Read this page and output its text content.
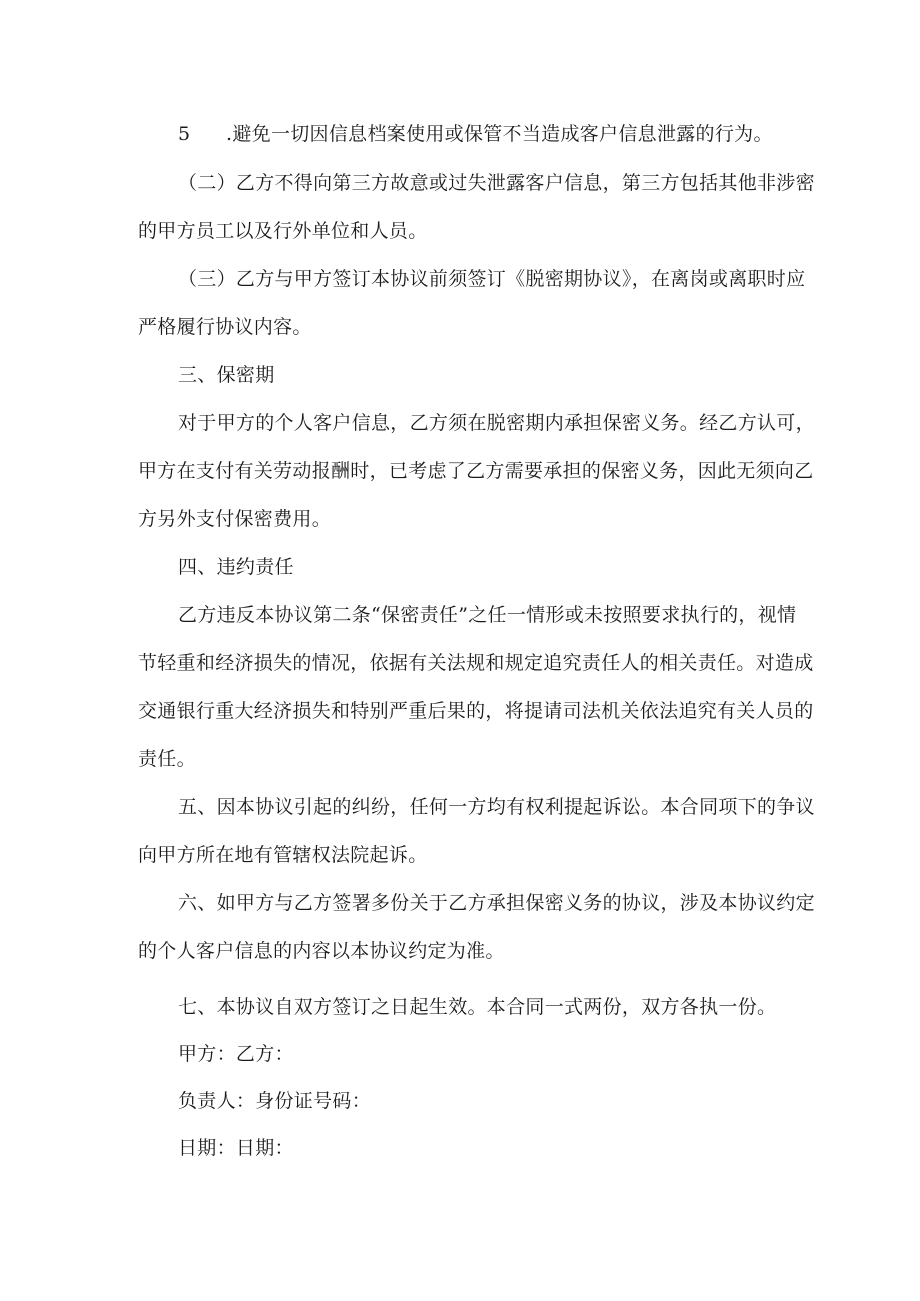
5 .避免一切因信息档案使用或保管不当造成客户信息泄露的行为。
（二）乙方不得向第三方故意或过失泄露客户信息，第三方包括其他非涉密
的甲方员工以及行外单位和人员。
（三）乙方与甲方签订本协议前须签订《脱密期协议》，在离岗或离职时应
严格履行协议内容。
三、保密期
对于甲方的个人客户信息，乙方须在脱密期内承担保密义务。经乙方认可，
甲方在支付有关劳动报酬时，已考虑了乙方需要承担的保密义务，因此无须向乙
方另外支付保密费用。
四、违约责任
乙方违反本协议第二条“保密责任”之任一情形或未按照要求执行的，视情
节轻重和经济损失的情况，依据有关法规和规定追究责任人的相关责任。对造成
交通银行重大经济损失和特别严重后果的，将提请司法机关依法追究有关人员的
责任。
五、因本协议引起的纠纷，任何一方均有权利提起诉讼。本合同项下的争议
向甲方所在地有管辖权法院起诉。
六、如甲方与乙方签署多份关于乙方承担保密义务的协议，涉及本协议约定
的个人客户信息的内容以本协议约定为准。
七、本协议自双方签订之日起生效。本合同一式两份，双方各执一份。
甲方：乙方：
负责人：身份证号码：
日期：日期：
